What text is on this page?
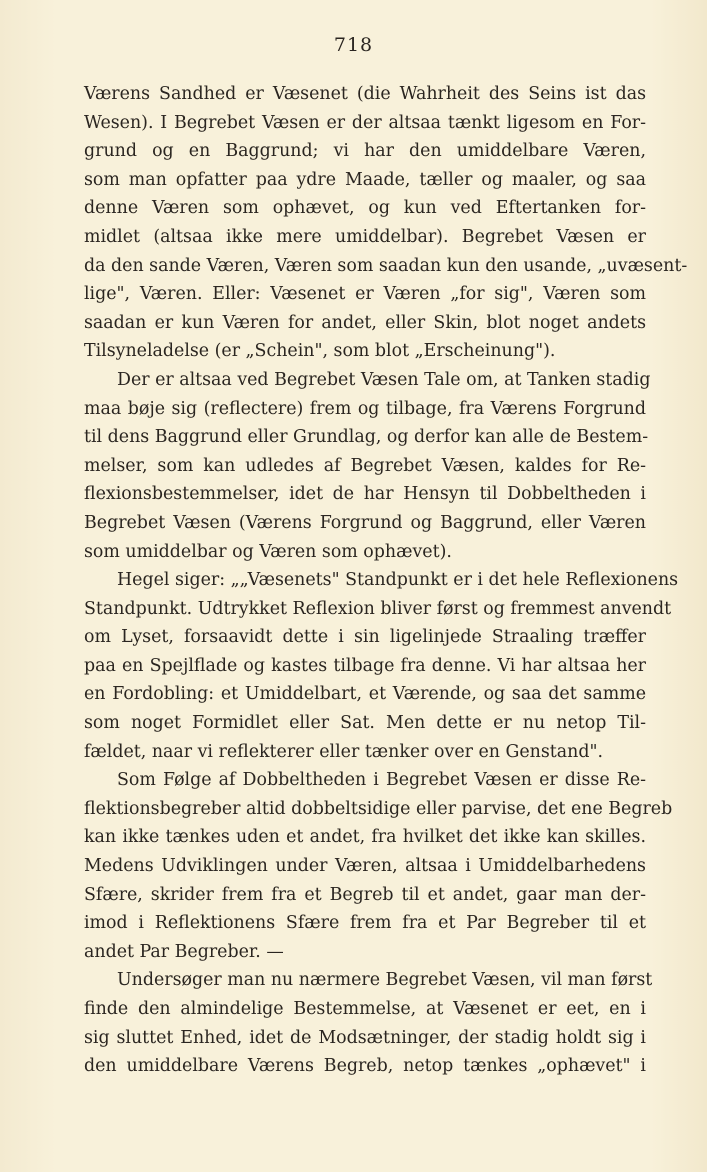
718
Værens Sandhed er Væsenet (die Wahrheit des Seins ist das
Wesen). I Begrebet Væsen er der altsaa tænkt ligesom en For-
grund og en Baggrund; vi har den umiddelbare Væren,
som man opfatter paa ydre Maade, tæller og maaler, og saa
denne Væren som ophævet, og kun ved Eftertanken for-
midlet (altsaa ikke mere umiddelbar). Begrebet Væsen er
da den sande Væren, Væren som saadan kun den usande, „uvæsent-
lige", Væren. Eller: Væsenet er Væren „for sig", Væren som
saadan er kun Væren for andet, eller Skin, blot noget andets
Tilsyneladelse (er „Schein", som blot „Erscheinung").
Der er altsaa ved Begrebet Væsen Tale om, at Tanken stadig
maa bøje sig (reflectere) frem og tilbage, fra Værens Forgrund
til dens Baggrund eller Grundlag, og derfor kan alle de Bestem-
melser, som kan udledes af Begrebet Væsen, kaldes for Re-
flexionsbestemmelser, idet de har Hensyn til Dobbeltheden i
Begrebet Væsen (Værens Forgrund og Baggrund, eller Væren
som umiddelbar og Væren som ophævet).
Hegel siger: „„Væsenets" Standpunkt er i det hele Reflexionens
Standpunkt. Udtrykket Reflexion bliver først og fremmest anvendt
om Lyset, forsaavidt dette i sin ligelinjede Straaling træffer
paa en Spejlflade og kastes tilbage fra denne. Vi har altsaa her
en Fordobling: et Umiddelbart, et Værende, og saa det samme
som noget Formidlet eller Sat. Men dette er nu netop Til-
fældet, naar vi reflekterer eller tænker over en Genstand".
Som Følge af Dobbeltheden i Begrebet Væsen er disse Re-
flektionsbegreber altid dobbeltsidige eller parvise, det ene Begreb
kan ikke tænkes uden et andet, fra hvilket det ikke kan skilles.
Medens Udviklingen under Væren, altsaa i Umiddelbarhedens
Sfære, skrider frem fra et Begreb til et andet, gaar man der-
imod i Reflektionens Sfære frem fra et Par Begreber til et
andet Par Begreber. —
Undersøger man nu nærmere Begrebet Væsen, vil man først
finde den almindelige Bestemmelse, at Væsenet er eet, en i
sig sluttet Enhed, idet de Modsætninger, der stadig holdt sig i
den umiddelbare Værens Begreb, netop tænkes „ophævet" i
